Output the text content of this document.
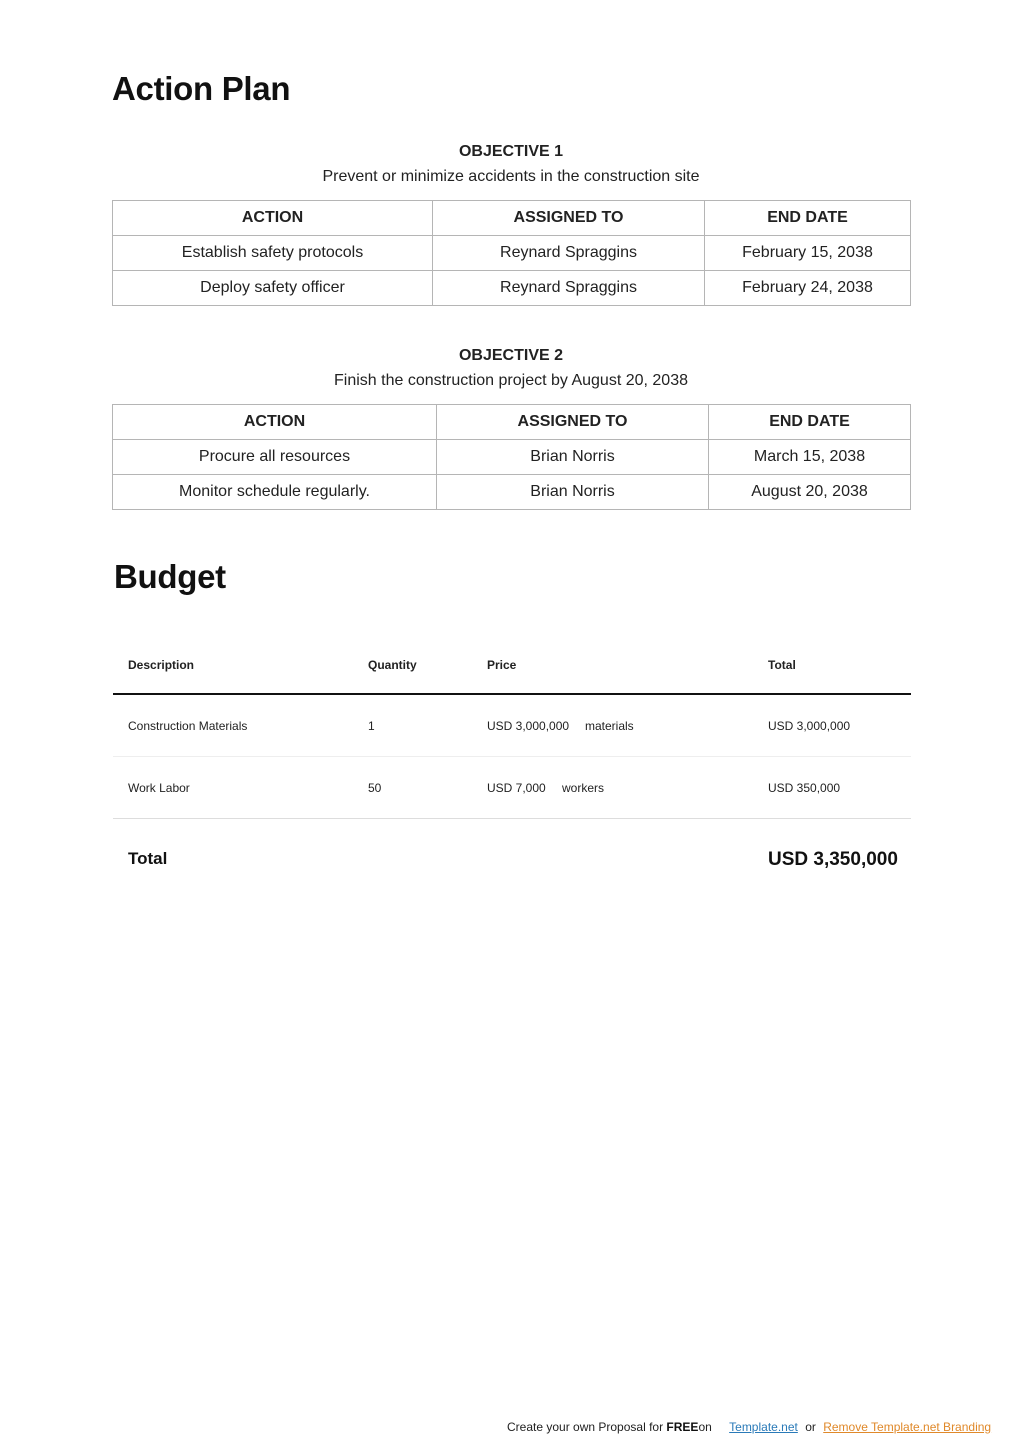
Action Plan
OBJECTIVE 1
Prevent or minimize accidents in the construction site
ACTION	ASSIGNED TO	END DATE
Establish safety protocols	Reynard Spraggins	February 15, 2038
Deploy safety officer	Reynard Spraggins	February 24, 2038
OBJECTIVE 2
Finish the construction project by August 20, 2038
ACTION	ASSIGNED TO	END DATE
Procure all resources	Brian Norris	March 15, 2038
Monitor schedule regularly.	Brian Norris	August 20, 2038
Budget
Description	Quantity	Price	Total
Construction Materials	1	USD 3,000,000 materials	USD 3,000,000
Work Labor	50	USD 7,000 workers	USD 350,000
Total	USD 3,350,000
Create your own Proposal for FREEon Template.net or Remove Template.net Branding
